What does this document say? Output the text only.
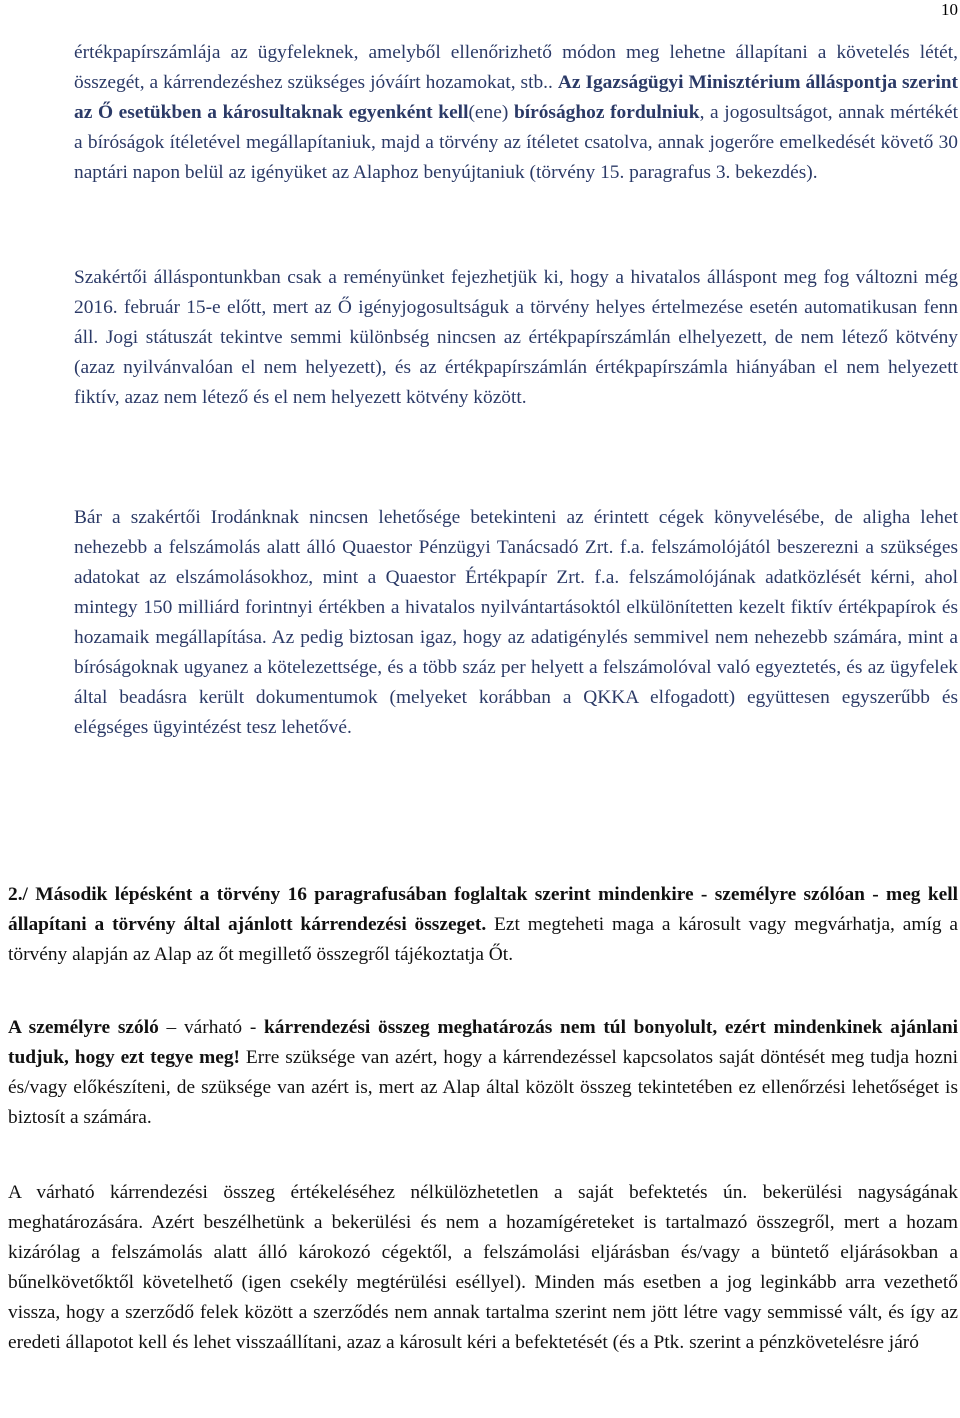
10

értékpapírszámlája az ügyfeleknek, amelyből ellenőrizhető módon meg lehetne állapítani a követelés létét, összegét, a kárrendezéshez szükséges jóváírt hozamokat, stb.. Az Igazságügyi Minisztérium álláspontja szerint az Ő esetükben a károsultaknak egyenként kell(ene) bírósághoz fordulniuk, a jogosultságot, annak mértékét a bíróságok ítéletével megállapítaniuk, majd a törvény az ítéletet csatolva, annak jogerőre emelkedését követő 30 naptári napon belül az igényüket az Alaphoz benyújtaniuk (törvény 15. paragrafus 3. bekezdés).

Szakértői álláspontunkban csak a reményünket fejezhetjük ki, hogy a hivatalos álláspont meg fog változni még 2016. február 15-e előtt, mert az Ő igényjogosultságuk a törvény helyes értelmezése esetén automatikusan fenn áll. Jogi státuszát tekintve semmi különbség nincsen az értékpapírszámlán elhelyezett, de nem létező kötvény (azaz nyilvánvalóan el nem helyezett), és az értékpapírszámlán értékpapírszámla hiányában el nem helyezett fiktív, azaz nem létező és el nem helyezett kötvény között.

Bár a szakértői Irodánknak nincsen lehetősége betekinteni az érintett cégek könyvelésébe, de aligha lehet nehezebb a felszámolás alatt álló Quaestor Pénzügyi Tanácsadó Zrt. f.a. felszámolójától beszerezni a szükséges adatokat az elszámolásokhoz, mint a Quaestor Értékpapír Zrt. f.a. felszámolójának adatközlését kérni, ahol mintegy 150 milliárd forintnyi értékben a hivatalos nyilvántartásoktól elkülönítetten kezelt fiktív értékpapírok és hozamaik megállapítása. Az pedig biztosan igaz, hogy az adatigénylés semmivel nem nehezebb számára, mint a bíróságoknak ugyanez a kötelezettsége, és a több száz per helyett a felszámolóval való egyeztetés, és az ügyfelek által beadásra került dokumentumok (melyeket korábban a QKKA elfogadott) együttesen egyszerűbb és elégséges ügyintézést tesz lehetővé.

2./ Második lépésként a törvény 16 paragrafusában foglaltak szerint mindenkire - személyre szólóan - meg kell állapítani a törvény által ajánlott kárrendezési összeget. Ezt megteheti maga a károsult vagy megvárhatja, amíg a törvény alapján az Alap az őt megillető összegről tájékoztatja Őt.

A személyre szóló – várható - kárrendezési összeg meghatározás nem túl bonyolult, ezért mindenkinek ajánlani tudjuk, hogy ezt tegye meg! Erre szüksége van azért, hogy a kárrendezéssel kapcsolatos saját döntését meg tudja hozni és/vagy előkészíteni, de szüksége van azért is, mert az Alap által közölt összeg tekintetében ez ellenőrzési lehetőséget is biztosít a számára.

A várható kárrendezési összeg értékeléséhez nélkülözhetetlen a saját befektetés ún. bekerülési nagyságának meghatározására. Azért beszélhetünk a bekerülési és nem a hozamígéreteket is tartalmazó összegről, mert a hozam kizárólag a felszámolás alatt álló károkozó cégektől, a felszámolási eljárásban és/vagy a büntető eljárásokban a bűnelkövetőktől követelhető (igen csekély megtérülési eséllyel). Minden más esetben a jog leginkább arra vezethető vissza, hogy a szerződő felek között a szerződés nem annak tartalma szerint nem jött létre vagy semmissé vált, és így az eredeti állapotot kell és lehet visszaállítani, azaz a károsult kéri a befektetését (és a Ptk. szerint a pénzkövetelésre járó
